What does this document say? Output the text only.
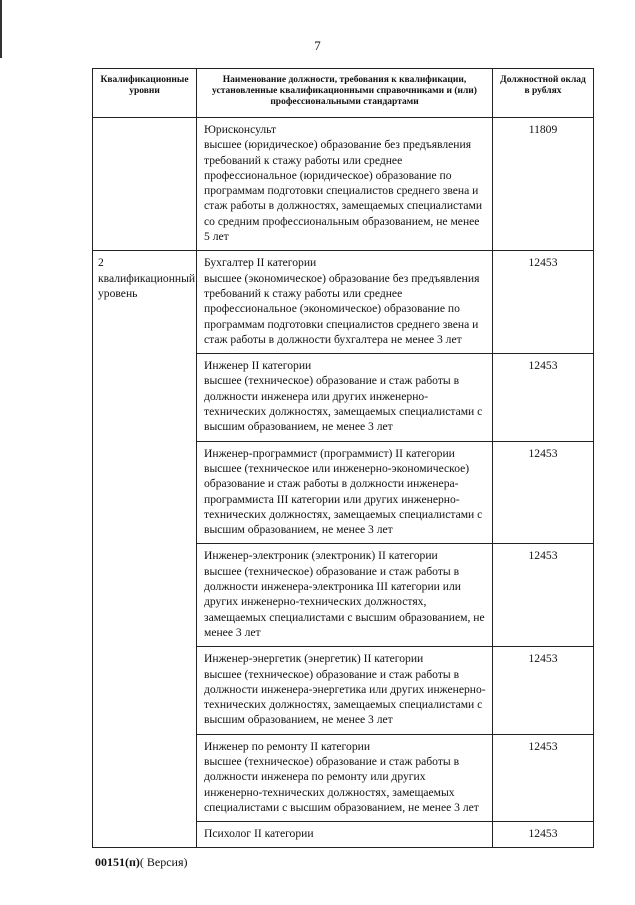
7
Квалификационные уровни	Наименование должности, требования к квалификации, установленные квалификационными справочниками и (или) профессиональными стандартами	Должностной оклад в рублях

	Юрисконсульт
высшее (юридическое) образование без предъявления требований к стажу работы или среднее профессиональное (юридическое) образование по программам подготовки специалистов среднего звена и стаж работы в должностях, замещаемых специалистами со средним профессиональным образованием, не менее 5 лет	11809
2 квалификационный уровень	Бухгалтер II категории
высшее (экономическое) образование без предъявления требований к стажу работы или среднее профессиональное (экономическое) образование по программам подготовки специалистов среднего звена и стаж работы в должности бухгалтера не менее 3 лет	12453

	Инженер II категории
высшее (техническое) образование и стаж работы в должности инженера или других инженерно-технических должностях, замещаемых специалистами с высшим образованием, не менее 3 лет	12453

	Инженер-программист (программист) II категории
высшее (техническое или инженерно-экономическое) образование и стаж работы в должности инженера-программиста III категории или других инженерно-технических должностях, замещаемых специалистами с высшим образованием, не менее 3 лет	12453

	Инженер-электроник (электроник) II категории
высшее (техническое) образование и стаж работы в должности инженера-электроника III категории или других инженерно-технических должностях, замещаемых специалистами с высшим образованием, не менее 3 лет	12453

	Инженер-энергетик (энергетик) II категории
высшее (техническое) образование и стаж работы в должности инженера-энергетика или других инженерно-технических должностях, замещаемых специалистами с высшим образованием, не менее 3 лет	12453

	Инженер по ремонту II категории
высшее (техническое) образование и стаж работы в должности инженера по ремонту или других инженерно-технических должностях, замещаемых специалистами с высшим образованием, не менее 3 лет	12453

	Психолог II категории	12453
00151(п)( Версия)
